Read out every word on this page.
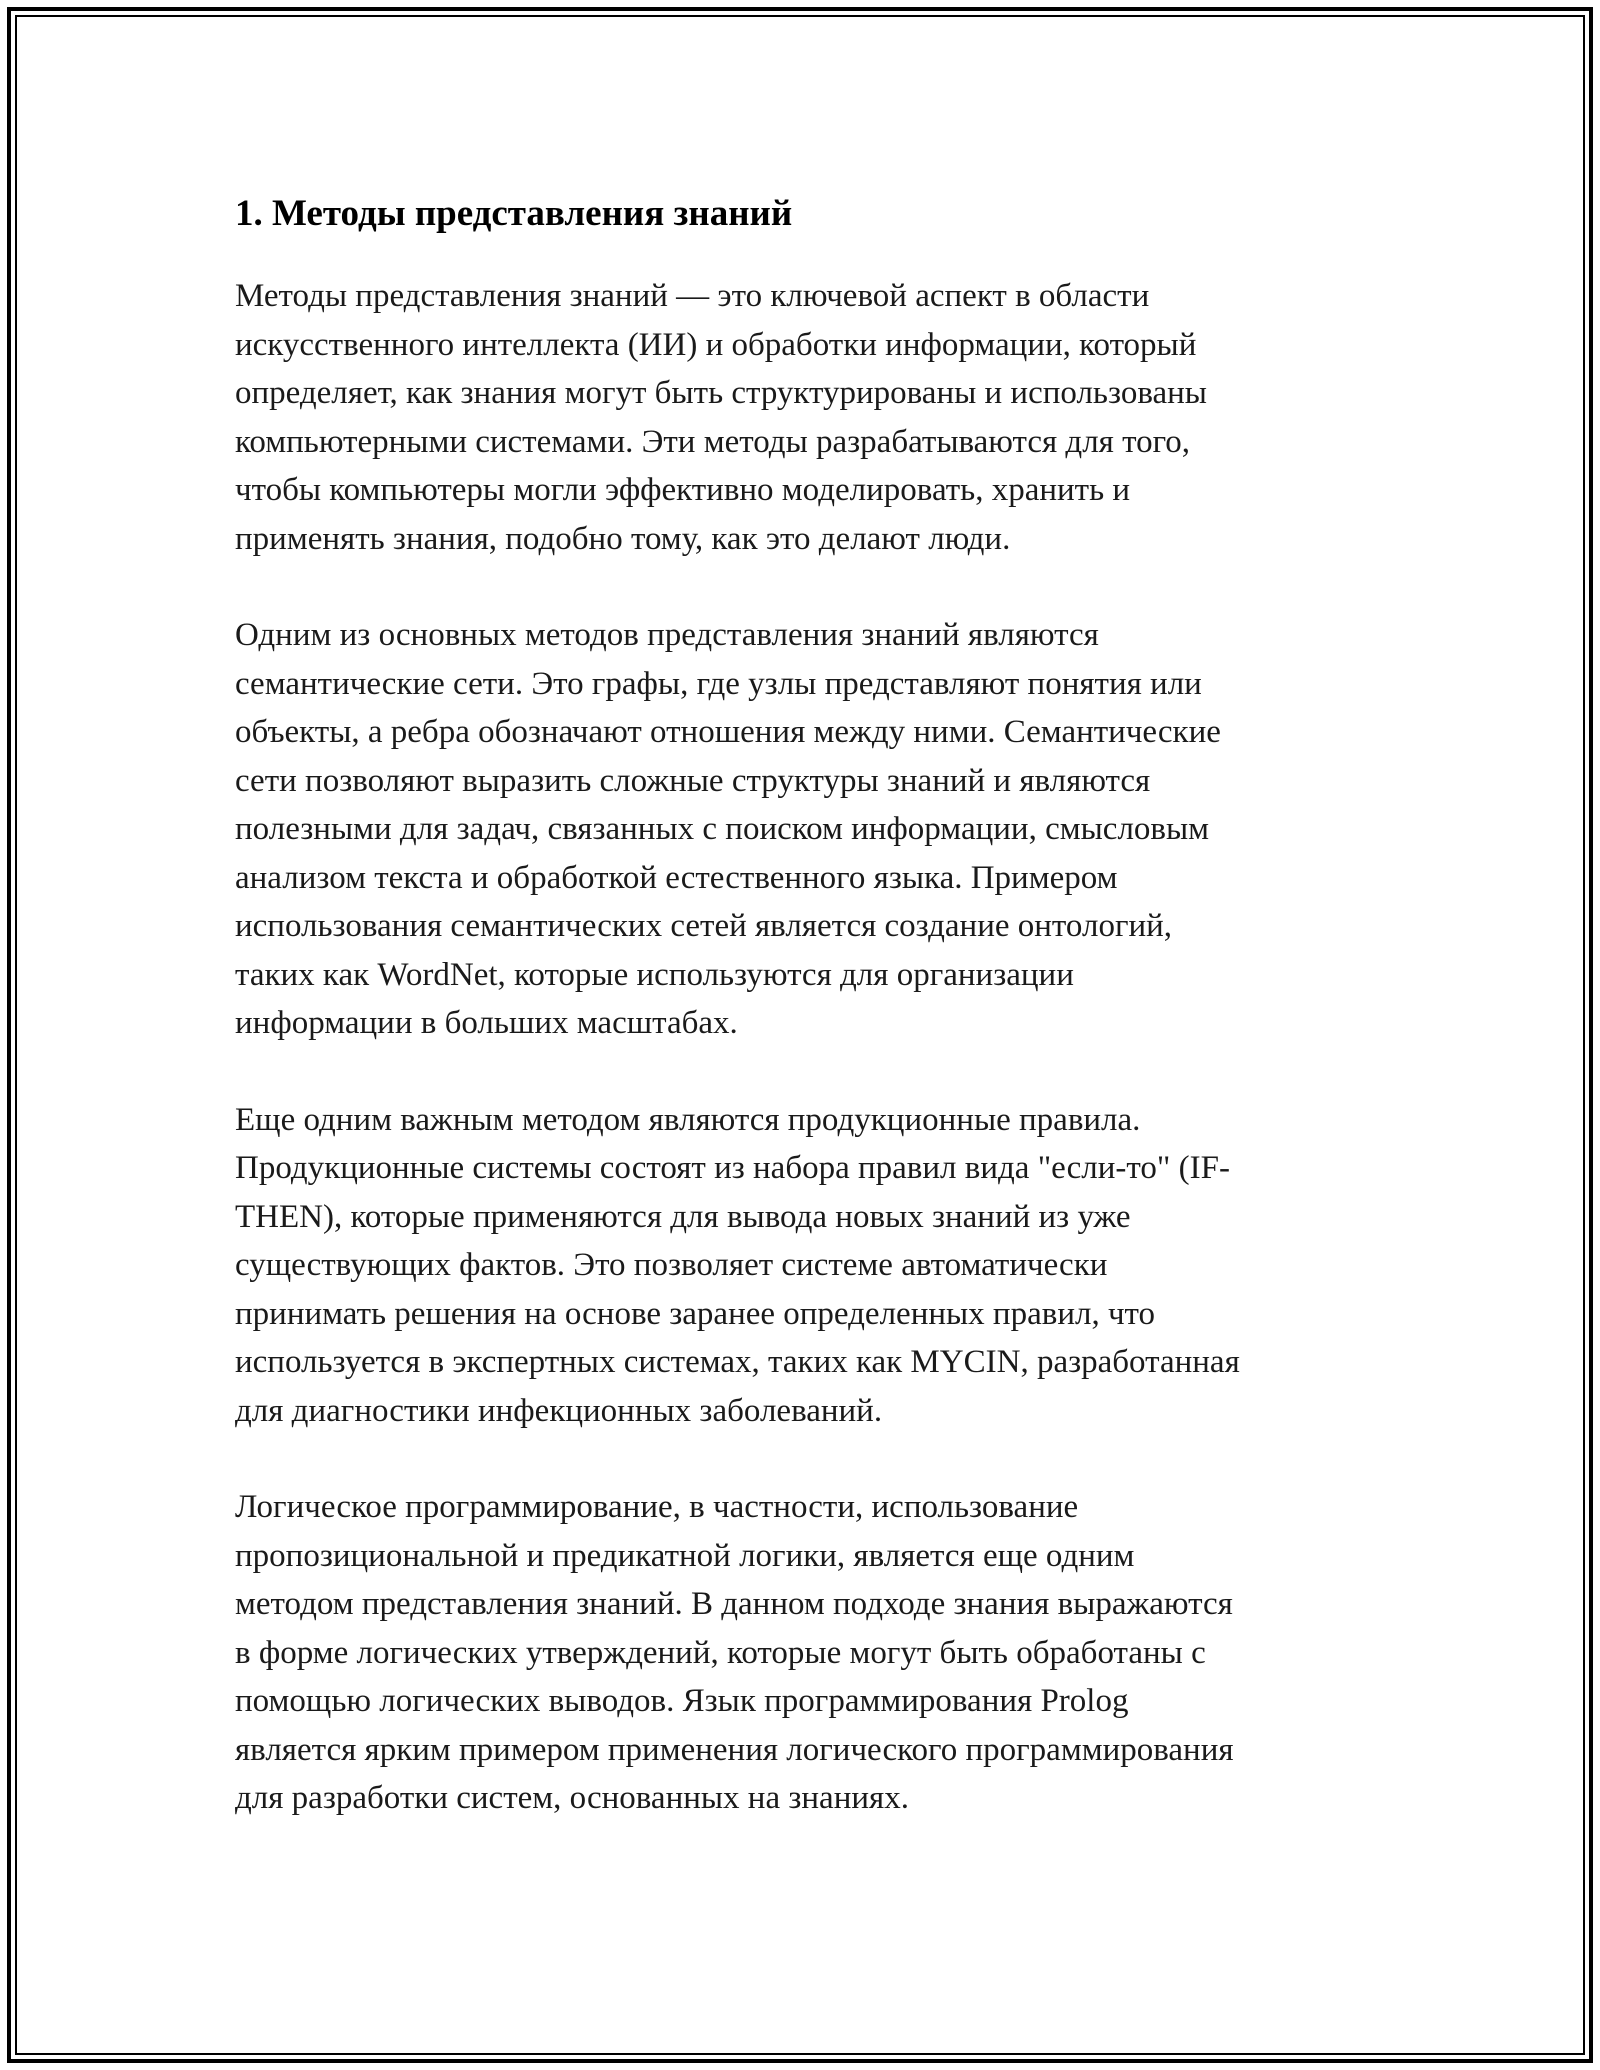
1. Методы представления знаний

Методы представления знаний — это ключевой аспект в области
искусственного интеллекта (ИИ) и обработки информации, который
определяет, как знания могут быть структурированы и использованы
компьютерными системами. Эти методы разрабатываются для того,
чтобы компьютеры могли эффективно моделировать, хранить и
применять знания, подобно тому, как это делают люди.

Одним из основных методов представления знаний являются
семантические сети. Это графы, где узлы представляют понятия или
объекты, а ребра обозначают отношения между ними. Семантические
сети позволяют выразить сложные структуры знаний и являются
полезными для задач, связанных с поиском информации, смысловым
анализом текста и обработкой естественного языка. Примером
использования семантических сетей является создание онтологий,
таких как WordNet, которые используются для организации
информации в больших масштабах.

Еще одним важным методом являются продукционные правила.
Продукционные системы состоят из набора правил вида "если-то" (IF-
THEN), которые применяются для вывода новых знаний из уже
существующих фактов. Это позволяет системе автоматически
принимать решения на основе заранее определенных правил, что
используется в экспертных системах, таких как MYCIN, разработанная
для диагностики инфекционных заболеваний.

Логическое программирование, в частности, использование
пропозициональной и предикатной логики, является еще одним
методом представления знаний. В данном подходе знания выражаются
в форме логических утверждений, которые могут быть обработаны с
помощью логических выводов. Язык программирования Prolog
является ярким примером применения логического программирования
для разработки систем, основанных на знаниях.
